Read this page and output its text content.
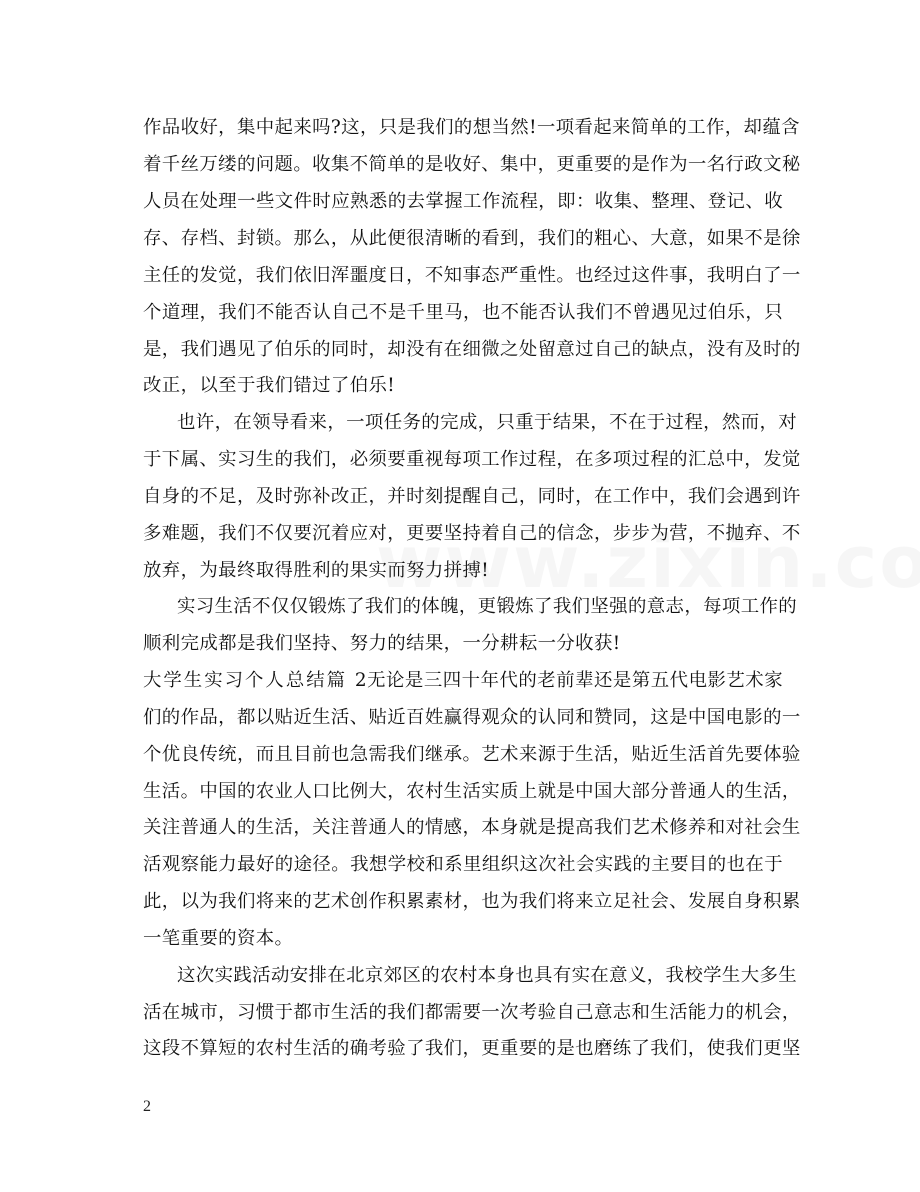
作品收好，集中起来吗?这，只是我们的想当然!一项看起来简单的工作，却蕴含
着千丝万缕的问题。收集不简单的是收好、集中，更重要的是作为一名行政文秘
人员在处理一些文件时应熟悉的去掌握工作流程，即：收集、整理、登记、收
存、存档、封锁。那么，从此便很清晰的看到，我们的粗心、大意，如果不是徐
主任的发觉，我们依旧浑噩度日，不知事态严重性。也经过这件事，我明白了一
个道理，我们不能否认自己不是千里马，也不能否认我们不曾遇见过伯乐，只
是，我们遇见了伯乐的同时，却没有在细微之处留意过自己的缺点，没有及时的
改正，以至于我们错过了伯乐!
也许，在领导看来，一项任务的完成，只重于结果，不在于过程，然而，对
于下属、实习生的我们，必须要重视每项工作过程，在多项过程的汇总中，发觉
自身的不足，及时弥补改正，并时刻提醒自己，同时，在工作中，我们会遇到许
多难题，我们不仅要沉着应对，更要坚持着自己的信念，步步为营，不抛弃、不
放弃，为最终取得胜利的果实而努力拼搏!
实习生活不仅仅锻炼了我们的体魄，更锻炼了我们坚强的意志，每项工作的
顺利完成都是我们坚持、努力的结果，一分耕耘一分收获!
大学生实习个人总结篇 2无论是三四十年代的老前辈还是第五代电影艺术家
们的作品，都以贴近生活、贴近百姓赢得观众的认同和赞同，这是中国电影的一
个优良传统，而且目前也急需我们继承。艺术来源于生活，贴近生活首先要体验
生活。中国的农业人口比例大，农村生活实质上就是中国大部分普通人的生活，
关注普通人的生活，关注普通人的情感，本身就是提高我们艺术修养和对社会生
活观察能力最好的途径。我想学校和系里组织这次社会实践的主要目的也在于
此，以为我们将来的艺术创作积累素材，也为我们将来立足社会、发展自身积累
一笔重要的资本。
这次实践活动安排在北京郊区的农村本身也具有实在意义，我校学生大多生
活在城市，习惯于都市生活的我们都需要一次考验自己意志和生活能力的机会，
这段不算短的农村生活的确考验了我们，更重要的是也磨练了我们，使我们更坚
2
